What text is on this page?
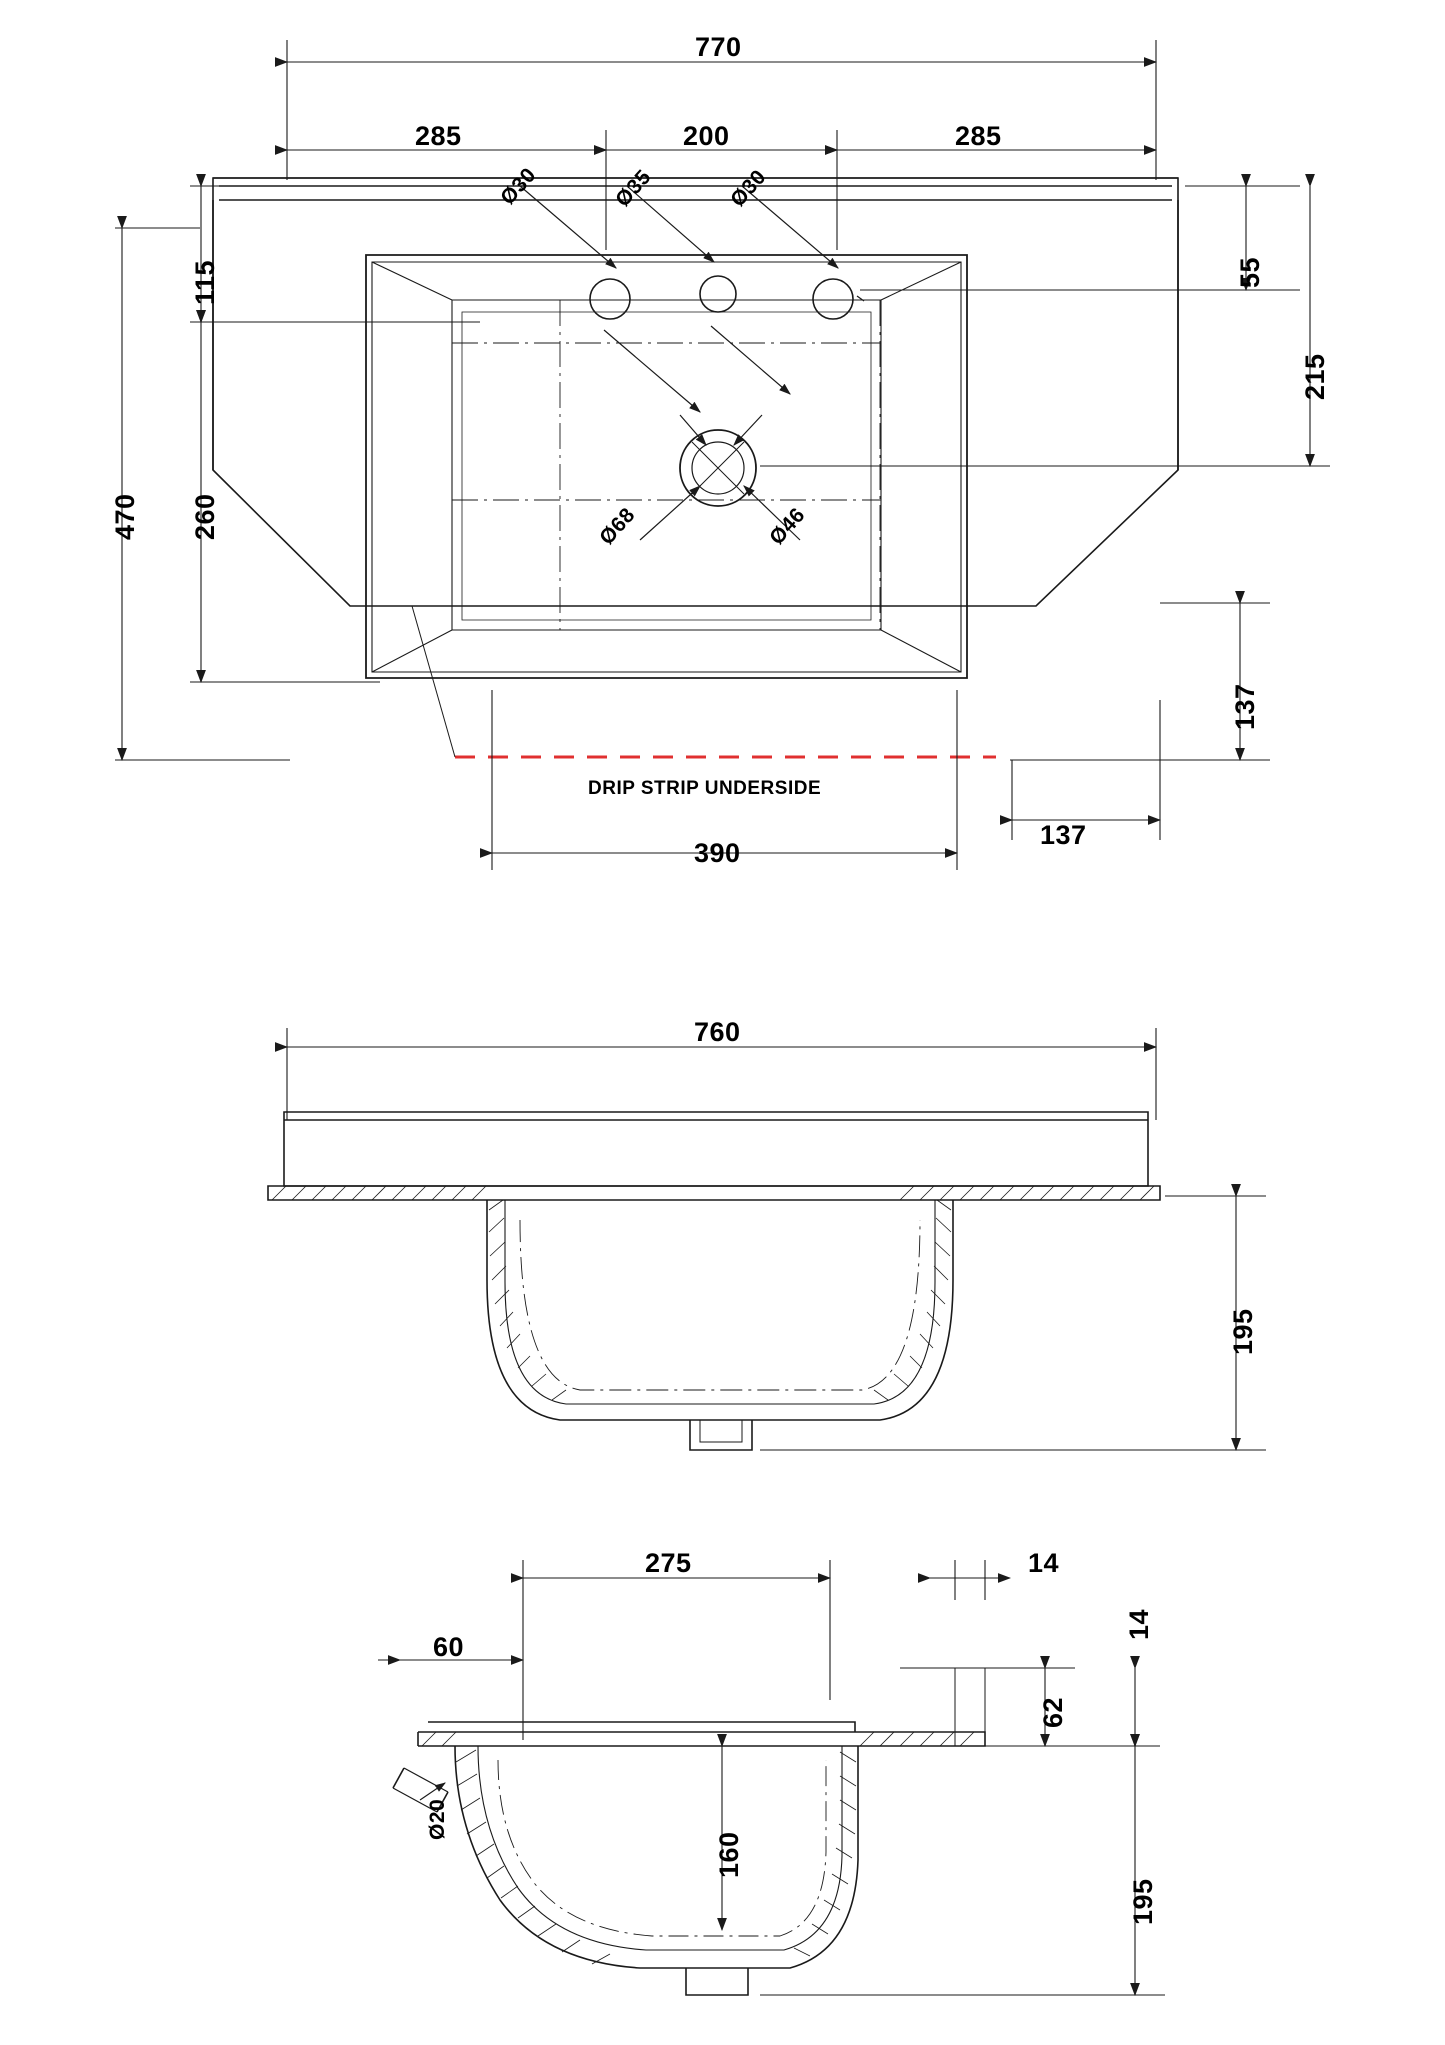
770
285	200	285
115
470 260
55
215
137
137
390
Ø30	Ø35	Ø30
Ø68	Ø46
DRIP STRIP UNDERSIDE
760
195
275
60
14
14
62
160
195
Ø20
